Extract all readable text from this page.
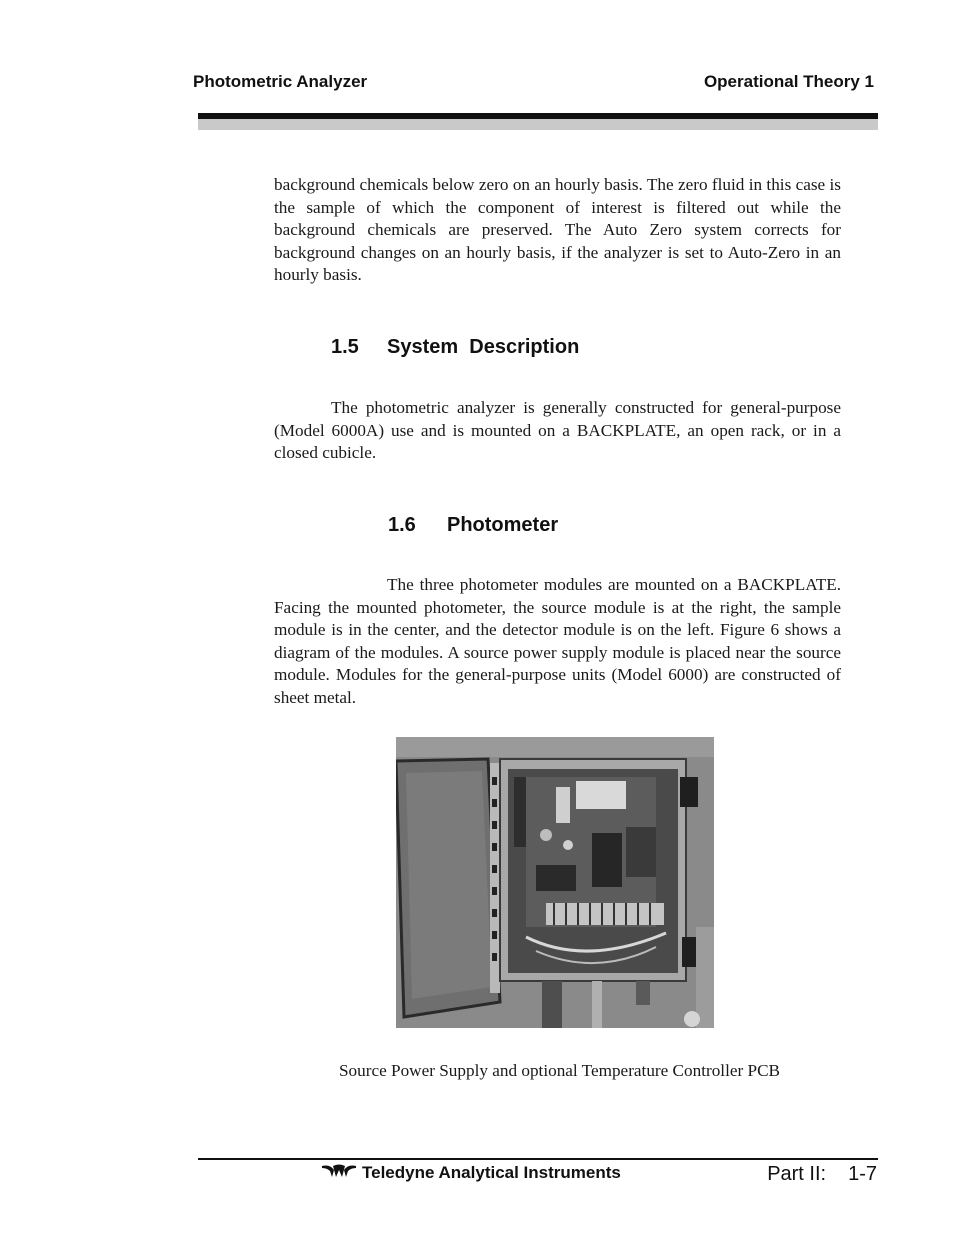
Photometric Analyzer	Operational Theory 1

background chemicals below zero on an hourly basis. The zero fluid in this case is the sample of which the component of interest is filtered out while the background chemicals are preserved. The Auto Zero system corrects for background changes on an hourly basis, if the analyzer is set to Auto-Zero in an hourly basis.

1.5	System  Description

The photometric analyzer is generally constructed for general-purpose (Model 6000A) use and is mounted on a BACKPLATE, an open rack, or in a closed cubicle.

1.6	Photometer

The three photometer modules are mounted on a BACKPLATE. Facing the mounted photometer, the source module is at the right, the sample module is in the center, and the detector module is on the left. Figure 6 shows a diagram of the modules. A source power supply module is placed near the source module. Modules for the general-purpose units (Model 6000) are constructed of sheet metal.

Source Power Supply and optional Temperature Controller PCB

Teledyne Analytical Instruments	Part II: 1-7
